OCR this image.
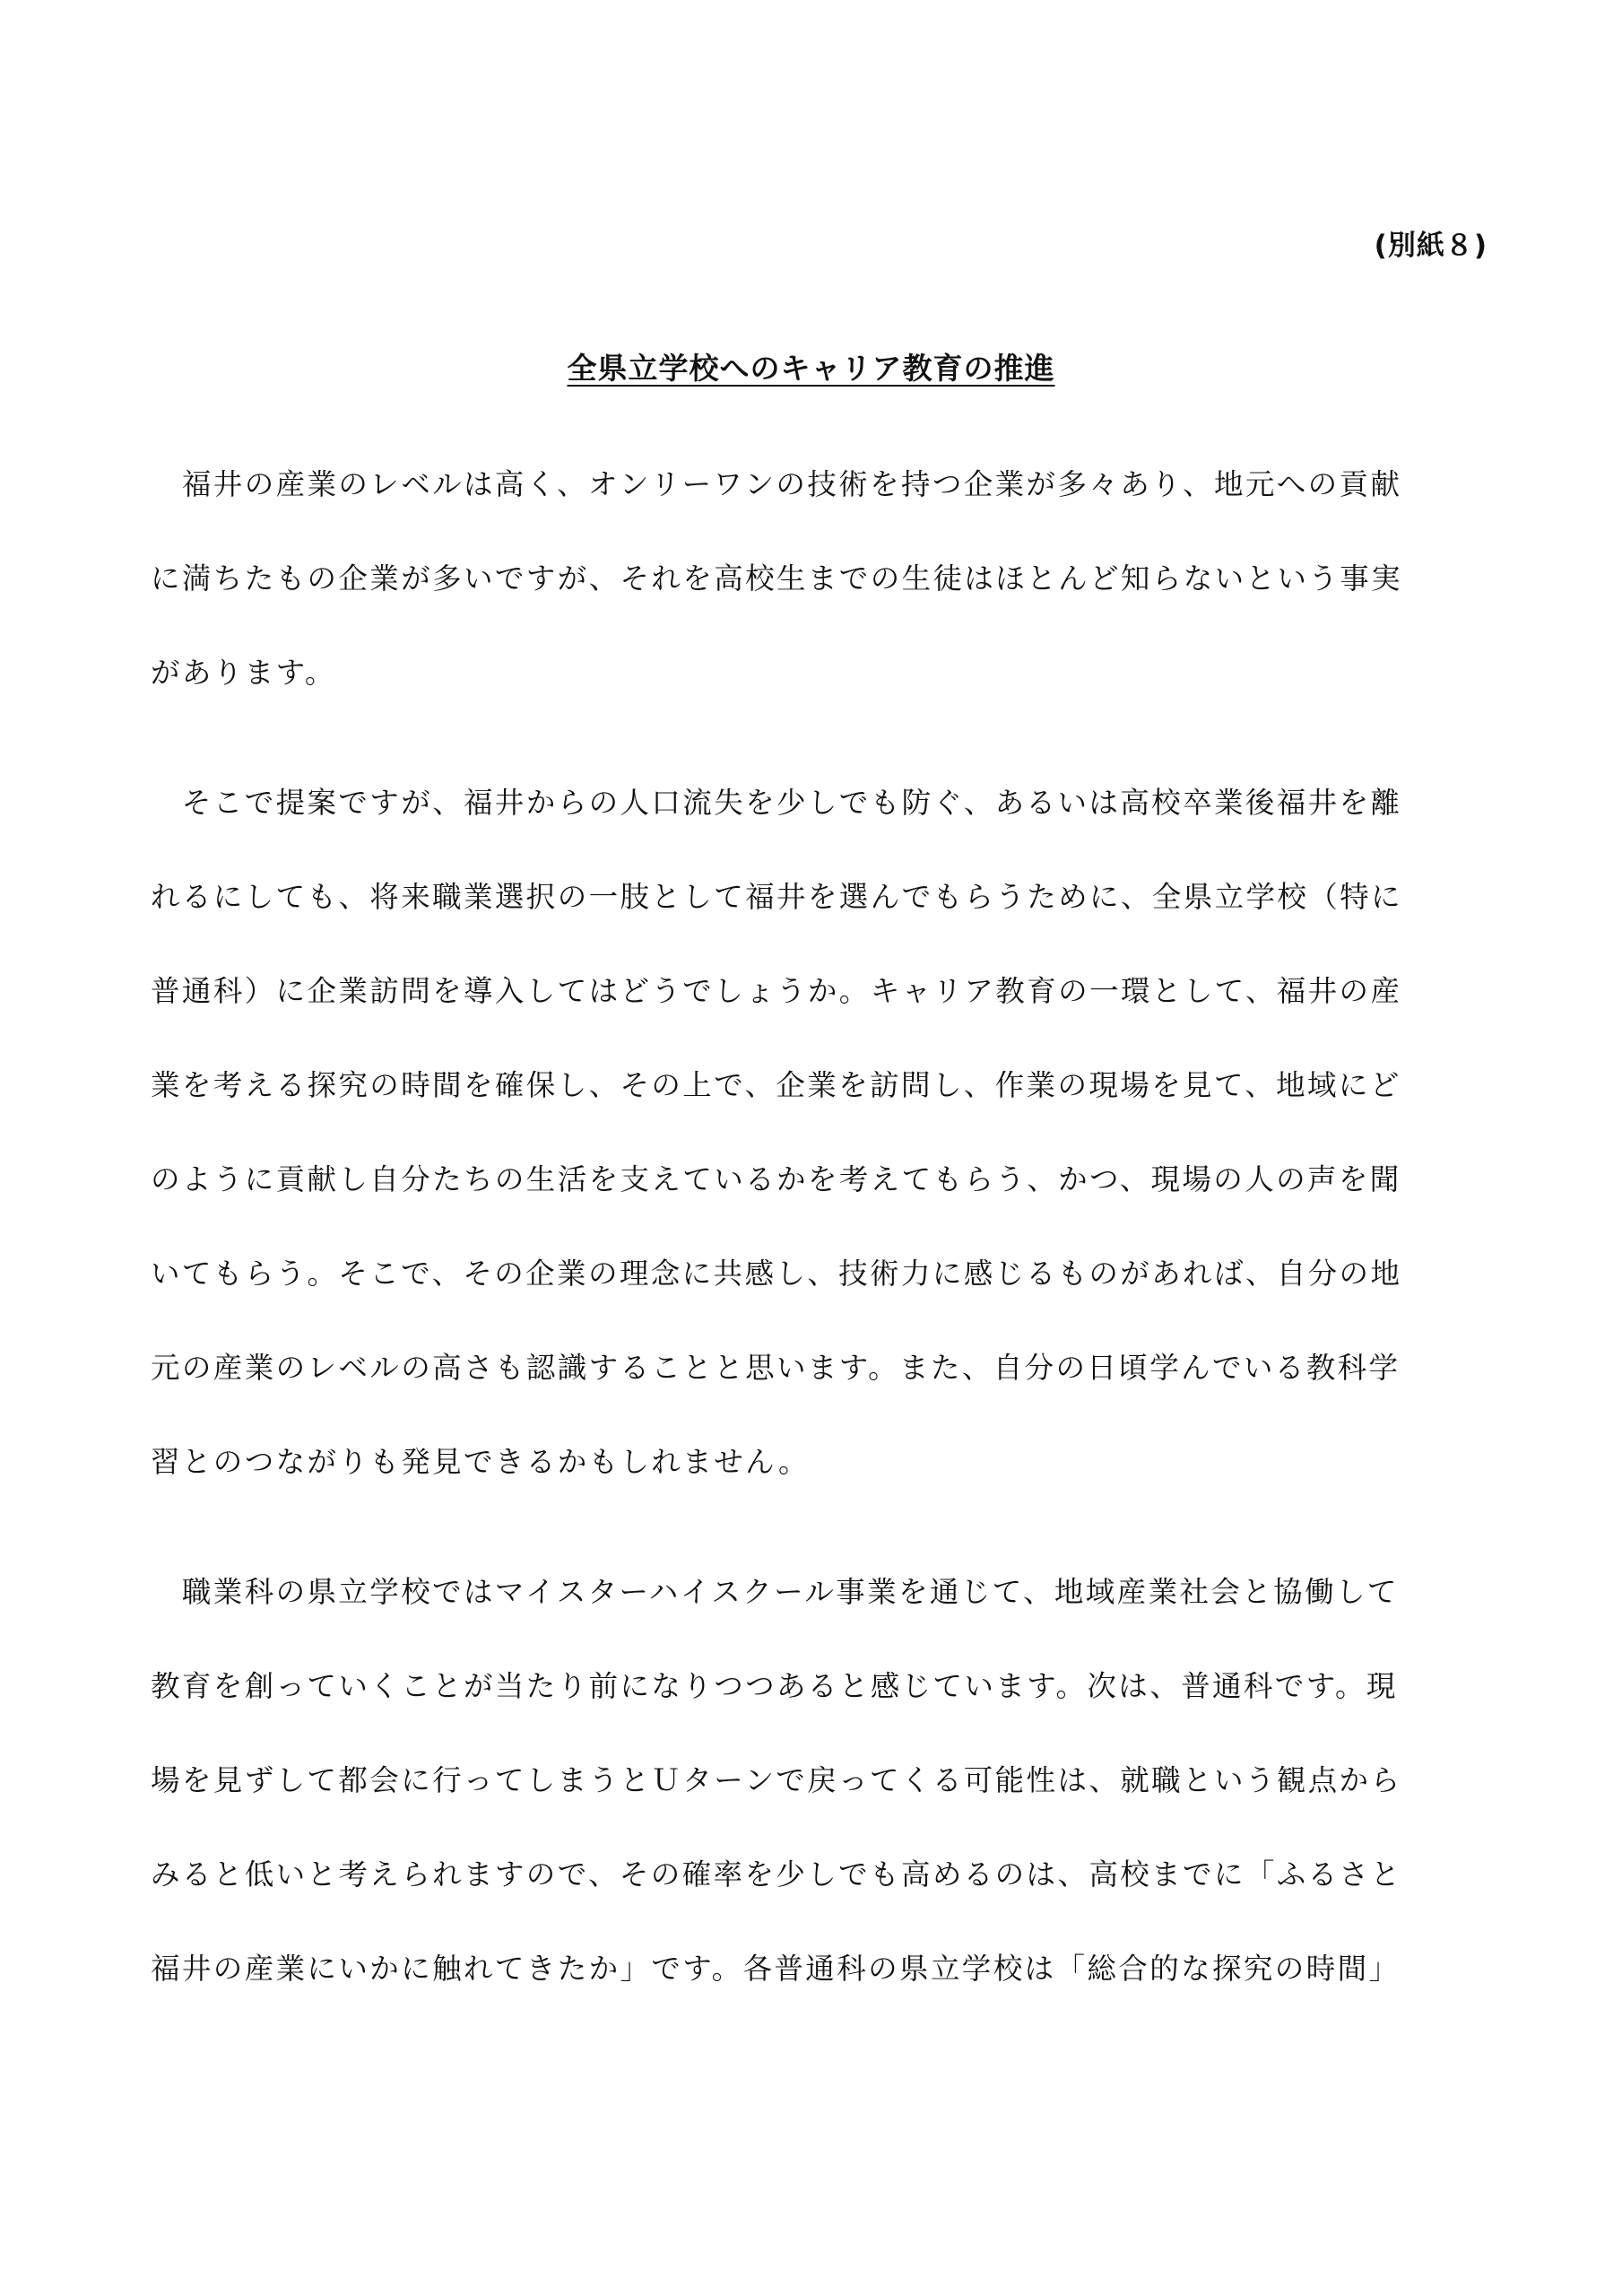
(別紙８)
全県立学校へのキャリア教育の推進
　福井の産業のレベルは高く、オンリーワンの技術を持つ企業が多々あり、地元への貢献
に満ちたもの企業が多いですが、それを高校生までの生徒はほとんど知らないという事実
があります。
　そこで提案ですが、福井からの人口流失を少しでも防ぐ、あるいは高校卒業後福井を離
れるにしても、将来職業選択の一肢として福井を選んでもらうために、全県立学校（特に
普通科）に企業訪問を導入してはどうでしょうか。キャリア教育の一環として、福井の産
業を考える探究の時間を確保し、その上で、企業を訪問し、作業の現場を見て、地域にど
のように貢献し自分たちの生活を支えているかを考えてもらう、かつ、現場の人の声を聞
いてもらう。そこで、その企業の理念に共感し、技術力に感じるものがあれば、自分の地
元の産業のレベルの高さも認識することと思います。また、自分の日頃学んでいる教科学
習とのつながりも発見できるかもしれません。
　職業科の県立学校ではマイスターハイスクール事業を通じて、地域産業社会と協働して
教育を創っていくことが当たり前になりつつあると感じています。次は、普通科です。現
場を見ずして都会に行ってしまうとＵターンで戻ってくる可能性は、就職という観点から
みると低いと考えられますので、その確率を少しでも高めるのは、高校までに「ふるさと
福井の産業にいかに触れてきたか」です。各普通科の県立学校は「総合的な探究の時間」
